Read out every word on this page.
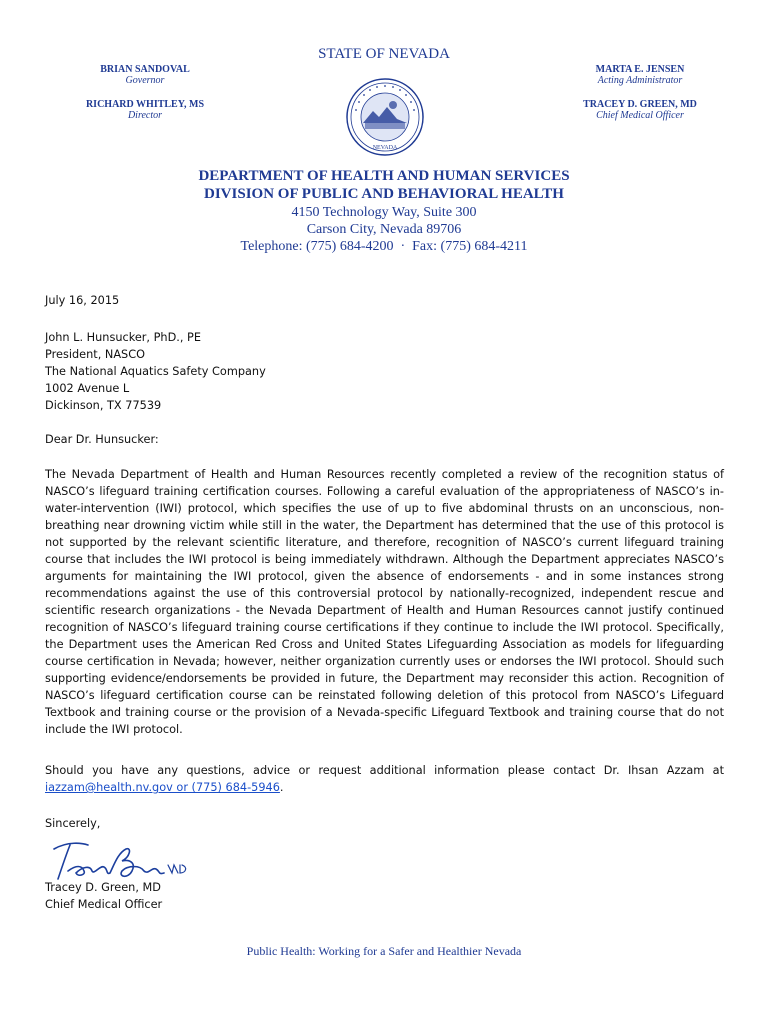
STATE OF NEVADA
BRIAN SANDOVAL
Governor
RICHARD WHITLEY, MS
Director
MARTA E. JENSEN
Acting Administrator
TRACEY D. GREEN, MD
Chief Medical Officer
NEVADA
DEPARTMENT OF HEALTH AND HUMAN SERVICES
DIVISION OF PUBLIC AND BEHAVIORAL HEALTH
4150 Technology Way, Suite 300
Carson City, Nevada 89706
Telephone: (775) 684-4200  ·  Fax: (775) 684-4211
July 16, 2015

John L. Hunsucker, PhD., PE

President, NASCO

The National Aquatics Safety Company

1002 Avenue L

Dickinson, TX 77539

Dear Dr. Hunsucker:

The Nevada Department of Health and Human Resources recently completed a review of the recognition status of NASCO’s lifeguard training certification courses. Following a careful evaluation of the appropriateness of NASCO’s in-water-intervention (IWI) protocol, which specifies the use of up to five abdominal thrusts on an unconscious, non-breathing near drowning victim while still in the water, the Department has determined that the use of this protocol is not supported by the relevant scientific literature, and therefore, recognition of NASCO’s current lifeguard training course that includes the IWI protocol is being immediately withdrawn. Although the Department appreciates NASCO’s arguments for maintaining the IWI protocol, given the absence of endorsements - and in some instances strong recommendations against the use of this controversial protocol by nationally-recognized, independent rescue and scientific research organizations - the Nevada Department of Health and Human Resources cannot justify continued recognition of NASCO’s lifeguard training course certifications if they continue to include the IWI protocol. Specifically, the Department uses the American Red Cross and United States Lifeguarding Association as models for lifeguarding course certification in Nevada; however, neither organization currently uses or endorses the IWI protocol. Should such supporting evidence/endorsements be provided in future, the Department may reconsider this action. Recognition of NASCO’s lifeguard certification course can be reinstated following deletion of this protocol from NASCO’s Lifeguard Textbook and training course or the provision of a Nevada-specific Lifeguard Textbook and training course that do not include the IWI protocol.

Should you have any questions, advice or request additional information please contact Dr. Ihsan Azzam at

iazzam@health.nv.gov or (775) 684-5946.

Sincerely,

Tracey D. Green, MD

Chief Medical Officer

Public Health: Working for a Safer and Healthier Nevada
